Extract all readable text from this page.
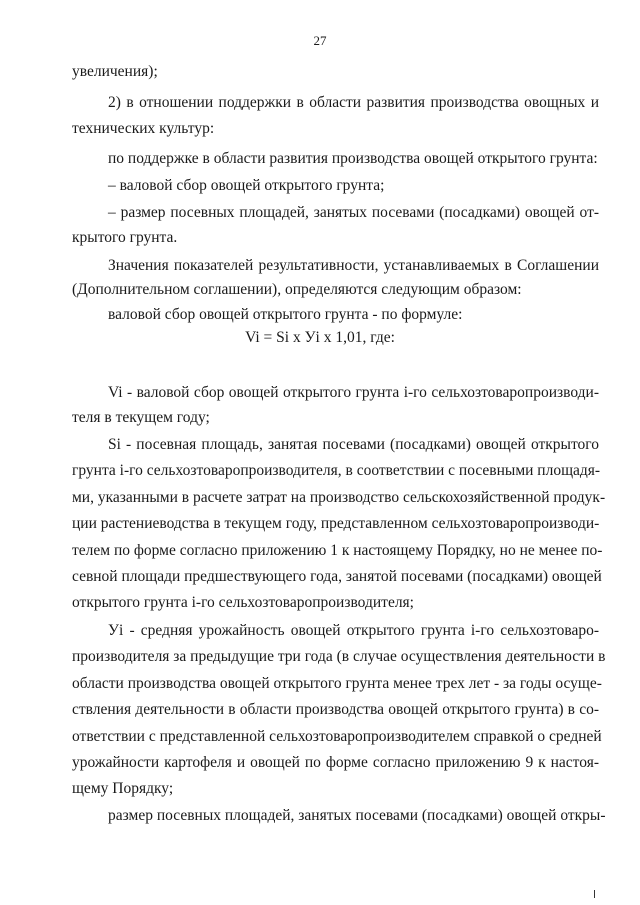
27
увеличения);
2) в отношении поддержки в области развития производства овощных и
технических культур:
по поддержке в области развития производства овощей открытого грунта:
– валовой сбор овощей открытого грунта;
– размер посевных площадей, занятых посевами (посадками) овощей от-
крытого грунта.
Значения показателей результативности, устанавливаемых в Соглашении
(Дополнительном соглашении), определяются следующим образом:
валовой сбор овощей открытого грунта - по формуле:
Vi = Si x Уi x 1,01, где:
Vi - валовой сбор овощей открытого грунта i-го сельхозтоваропроизводи-
теля в текущем году;
Si - посевная площадь, занятая посевами (посадками) овощей открытого
грунта i-го сельхозтоваропроизводителя, в соответствии с посевными площадя-
ми, указанными в расчете затрат на производство сельскохозяйственной продук-
ции растениеводства в текущем году, представленном сельхозтоваропроизводи-
телем по форме согласно приложению 1 к настоящему Порядку, но не менее по-
севной площади предшествующего года, занятой посевами (посадками) овощей
открытого грунта i-го сельхозтоваропроизводителя;
Уi - средняя урожайность овощей открытого грунта i-го сельхозтоваро-
производителя за предыдущие три года (в случае осуществления деятельности в
области производства овощей открытого грунта менее трех лет - за годы осуще-
ствления деятельности в области производства овощей открытого грунта) в со-
ответствии с представленной сельхозтоваропроизводителем справкой о средней
урожайности картофеля и овощей по форме согласно приложению 9 к настоя-
щему Порядку;
размер посевных площадей, занятых посевами (посадками) овощей откры-
